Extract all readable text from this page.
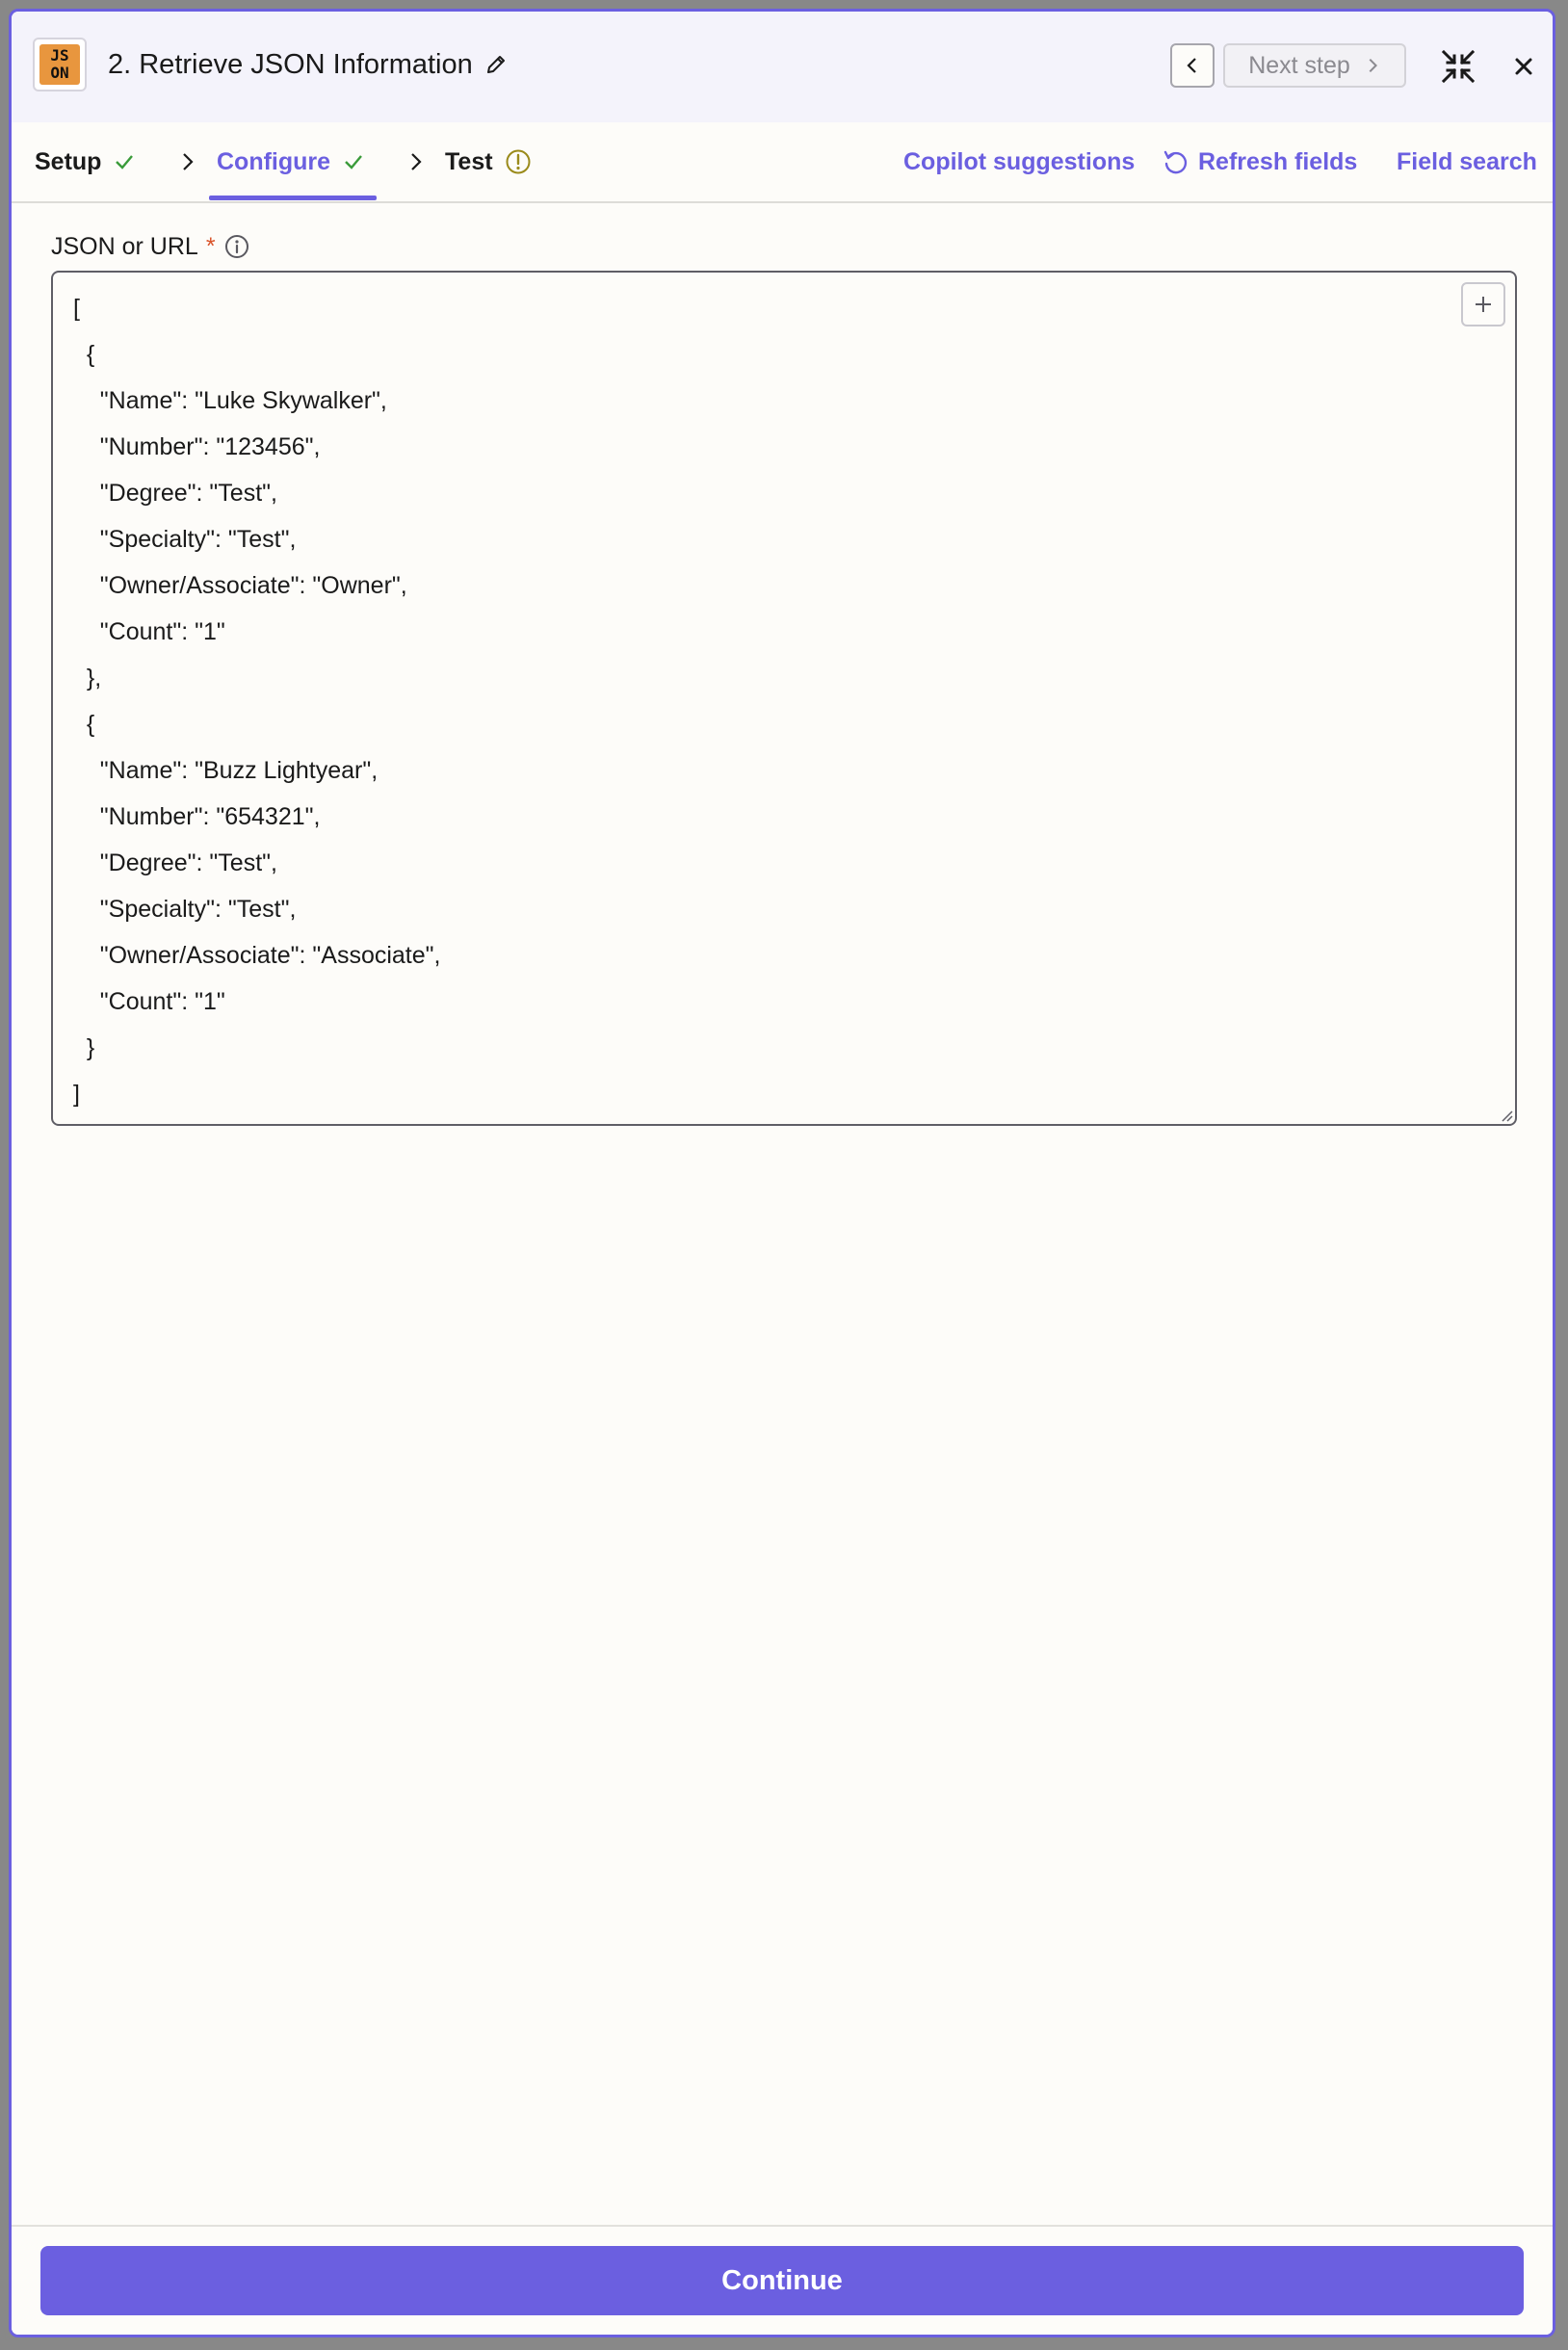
JS
ON	2. Retrieve JSON Information	Next step
Setup	Configure	Test	Copilot suggestions	Refresh fields Field search
JSON or URL *
[
{
"Name": "Luke Skywalker",
"Number": "123456",
"Degree": "Test",
"Specialty": "Test",
"Owner/Associate": "Owner",
"Count": "1"
},
{
"Name": "Buzz Lightyear",
"Number": "654321",
"Degree": "Test",
"Specialty": "Test",
"Owner/Associate": "Associate",
"Count": "1"
}
]
Continue
